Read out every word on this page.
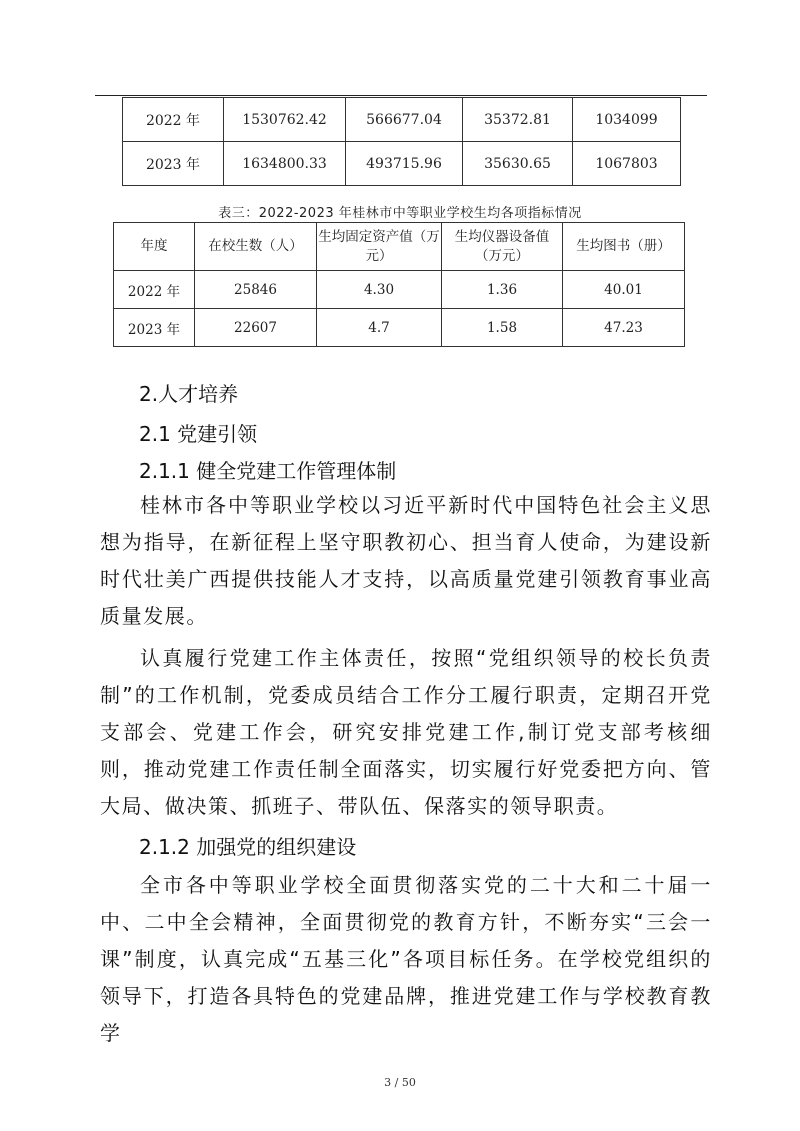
2022 年	1530762.42	566677.04	35372.81	1034099
2023 年	1634800.33	493715.96	35630.65	1067803
表三：2022-2023 年桂林市中等职业学校生均各项指标情况
年度	在校生数（人）	生均固定资产值（万元）	生均仪器设备值（万元）	生均图书（册）
2022 年	25846	4.30	1.36	40.01
2023 年	22607	4.7	1.58	47.23
2.人才培养
2.1 党建引领
2.1.1 健全党建工作管理体制
桂林市各中等职业学校以习近平新时代中国特色社会主义思想为指导，在新征程上坚守职教初心、担当育人使命，为建设新时代壮美广西提供技能人才支持，以高质量党建引领教育事业高质量发展。
认真履行党建工作主体责任，按照“党组织领导的校长负责制”的工作机制，党委成员结合工作分工履行职责，定期召开党支部会、党建工作会，研究安排党建工作,制订党支部考核细则，推动党建工作责任制全面落实，切实履行好党委把方向、管大局、做决策、抓班子、带队伍、保落实的领导职责。
2.1.2 加强党的组织建设
全市各中等职业学校全面贯彻落实党的二十大和二十届一中、二中全会精神，全面贯彻党的教育方针，不断夯实“三会一课”制度，认真完成“五基三化”各项目标任务。在学校党组织的领导下，打造各具特色的党建品牌，推进党建工作与学校教育教学
3 / 50
